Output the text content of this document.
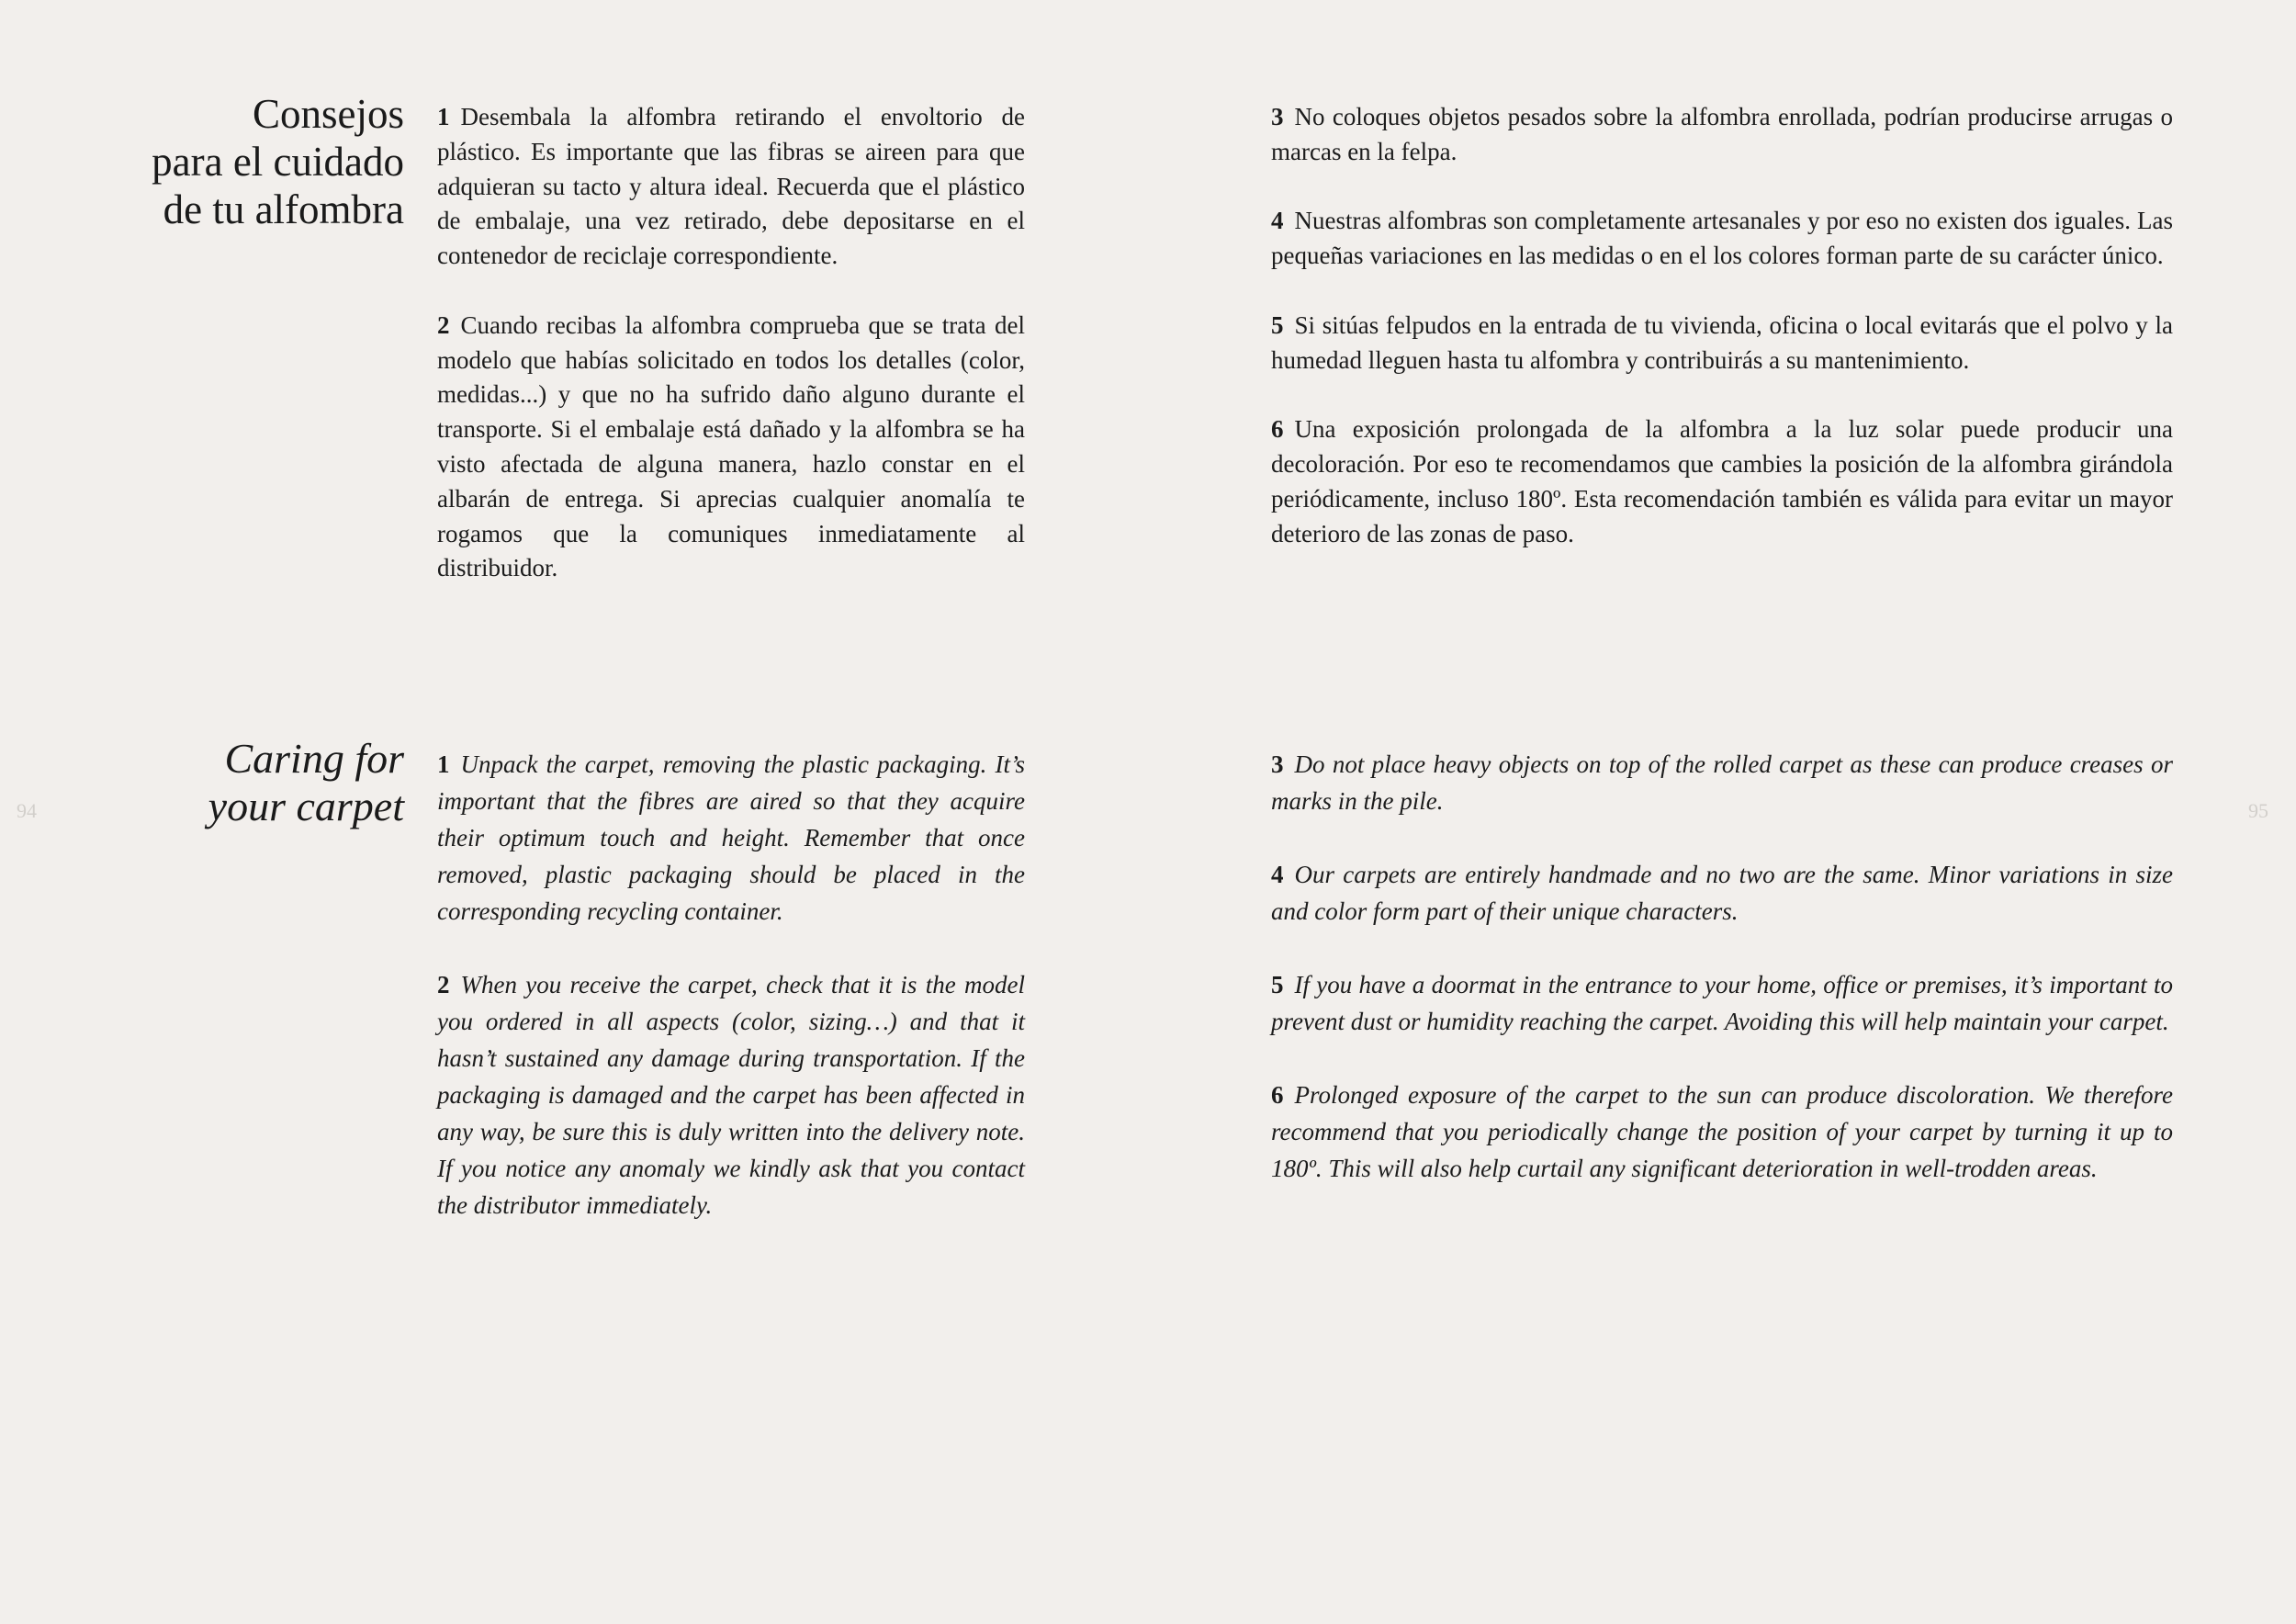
Consejos
para el cuidado
de tu alfombra

1 Desembala la alfombra retirando el envoltorio de plástico. Es importante que las fibras se aireen para que adquieran su tacto y altura ideal. Recuerda que el plástico de embalaje, una vez retirado, debe depositarse en el contenedor de reciclaje correspondiente.

2 Cuando recibas la alfombra comprueba que se trata del modelo que habías solicitado en todos los detalles (color, medidas...) y que no ha sufrido daño alguno durante el transporte. Si el embalaje está dañado y la alfombra se ha visto afectada de alguna manera, hazlo constar en el albarán de entrega. Si aprecias cualquier anomalía te rogamos que la comuniques inmediatamente al distribuidor.

3 No coloques objetos pesados sobre la alfombra enrollada, podrían producirse arrugas o marcas en la felpa.

4 Nuestras alfombras son completamente artesanales y por eso no existen dos iguales. Las pequeñas variaciones en las medidas o en el los colores forman parte de su carácter único.

5 Si sitúas felpudos en la entrada de tu vivienda, oficina o local evitarás que el polvo y la humedad lleguen hasta tu alfombra y contribuirás a su mantenimiento.

6 Una exposición prolongada de la alfombra a la luz solar puede producir una decoloración. Por eso te recomendamos que cambies la posición de la alfombra girándola periódicamente, incluso 180º. Esta recomendación también es válida para evitar un mayor deterioro de las zonas de paso.

Caring for
your carpet

1 Unpack the carpet, removing the plastic packaging. It’s important that the fibres are aired so that they acquire their optimum touch and height. Remember that once removed, plastic packaging should be placed in the corresponding recycling container.

2 When you receive the carpet, check that it is the model you ordered in all aspects (color, sizing…) and that it hasn’t sustained any damage during transportation. If the packaging is damaged and the carpet has been affected in any way, be sure this is duly written into the delivery note. If you notice any anomaly we kindly ask that you contact the distributor immediately.

3 Do not place heavy objects on top of the rolled carpet as these can produce creases or marks in the pile.

4 Our carpets are entirely handmade and no two are the same. Minor variations in size and color form part of their unique characters.

5 If you have a doormat in the entrance to your home, office or premises, it’s important to prevent dust or humidity reaching the carpet. Avoiding this will help maintain your carpet.

6 Prolonged exposure of the carpet to the sun can produce discoloration. We therefore recommend that you periodically change the position of your carpet by turning it up to 180º. This will also help curtail any significant deterioration in well-trodden areas.

94	95
